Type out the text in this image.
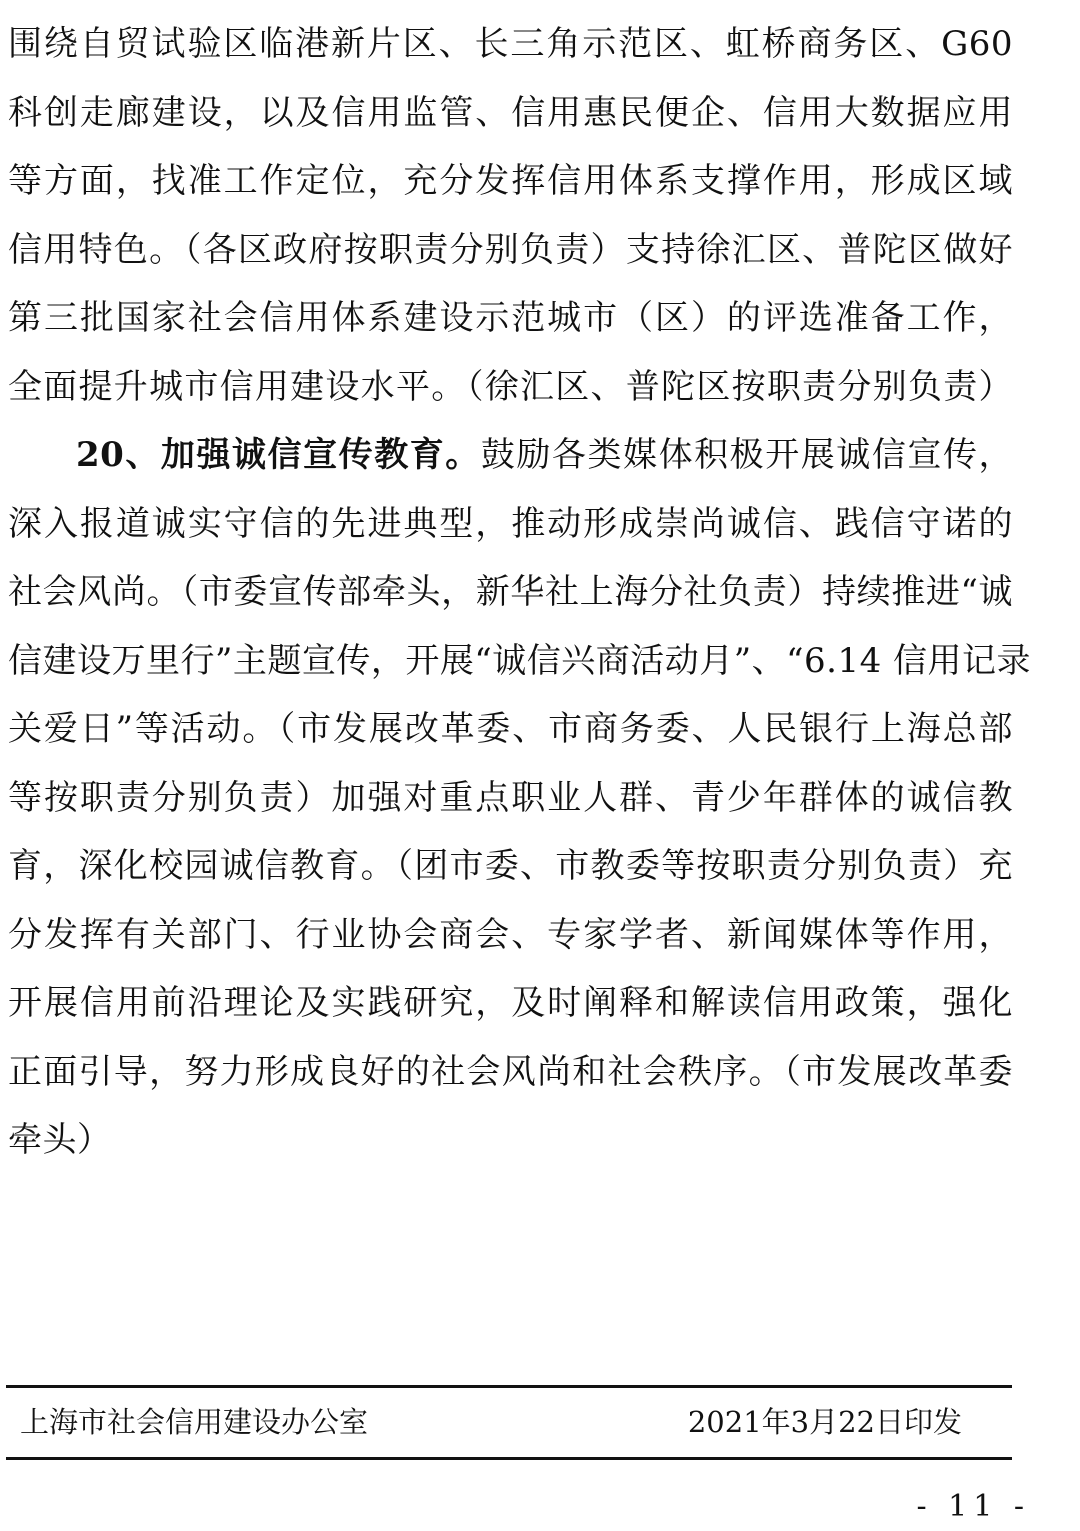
围绕自贸试验区临港新片区、长三角示范区、虹桥商务区、G60
科创走廊建设，以及信用监管、信用惠民便企、信用大数据应用
等方面，找准工作定位，充分发挥信用体系支撑作用，形成区域
信用特色。（各区政府按职责分别负责）支持徐汇区、普陀区做好
第三批国家社会信用体系建设示范城市（区）的评选准备工作，
全面提升城市信用建设水平。（徐汇区、普陀区按职责分别负责）
20、加强诚信宣传教育。鼓励各类媒体积极开展诚信宣传，
深入报道诚实守信的先进典型，推动形成崇尚诚信、践信守诺的
社会风尚。（市委宣传部牵头，新华社上海分社负责）持续推进“诚
信建设万里行”主题宣传，开展“诚信兴商活动月”、“6.14 信用记录
关爱日”等活动。（市发展改革委、市商务委、人民银行上海总部
等按职责分别负责）加强对重点职业人群、青少年群体的诚信教
育，深化校园诚信教育。（团市委、市教委等按职责分别负责）充
分发挥有关部门、行业协会商会、专家学者、新闻媒体等作用，
开展信用前沿理论及实践研究，及时阐释和解读信用政策，强化
正面引导，努力形成良好的社会风尚和社会秩序。（市发展改革委
牵头）
上海市社会信用建设办公室	2021年3月22日印发
- 11 -
